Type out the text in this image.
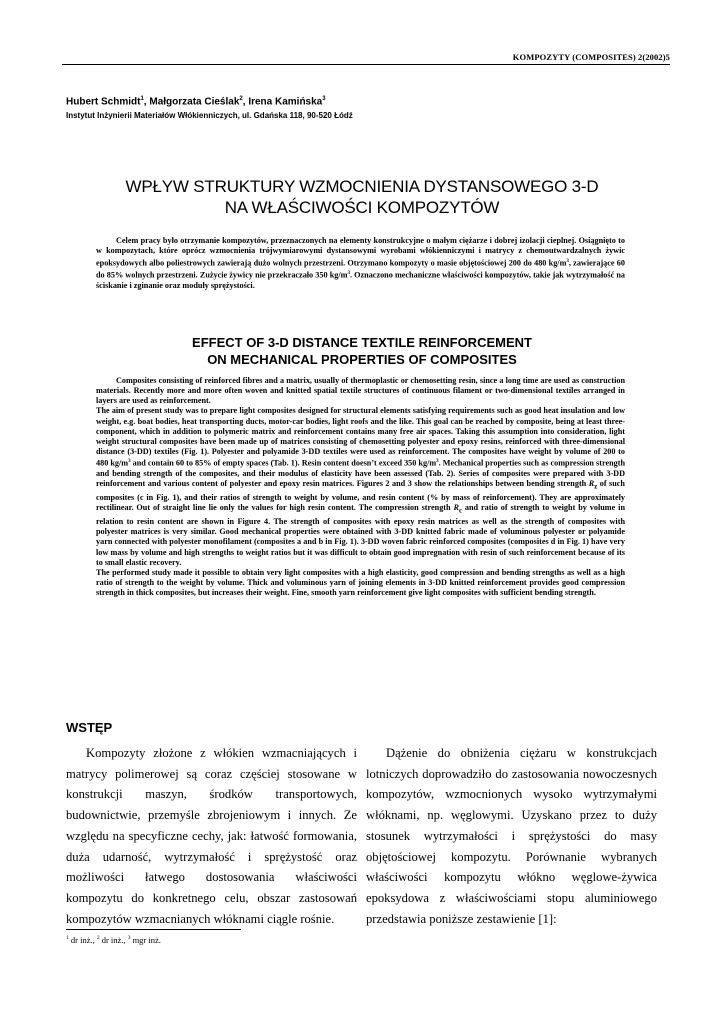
KOMPOZYTY (COMPOSITES) 2(2002)5
Hubert Schmidt$^1$, Małgorzata Cieślak$^2$, Irena Kamińska$^3$
Instytut Inżynierii Materiałów Włókienniczych, ul. Gdańska 118, 90-520 Łódź
WPŁYW STRUKTURY WZMOCNIENIA DYSTANSOWEGO 3-D
NA WŁAŚCIWOŚCI KOMPOZYTÓW

Celem pracy było otrzymanie kompozytów, przeznaczonych na elementy konstrukcyjne o małym ciężarze i dobrej izolacji cieplnej. Osiągnięto to w kompozytach, które oprócz wzmocnienia trójwymiarowymi dystansowymi wyrobami włókienniczymi i matrycy z chemoutwardzalnych żywic epoksydowych albo poliestrowych zawierają dużo wolnych przestrzeni. Otrzymano kompozyty o masie objętościowej 200 do 480 $kg/m^3$, zawierające 60 do 85% wolnych przestrzeni. Zużycie żywicy nie przekraczało 350 $kg/m^3$. Oznaczono mechaniczne właściwości kompozytów, takie jak wytrzymałość na ściskanie i zginanie oraz moduły sprężystości.

EFFECT OF 3-D DISTANCE TEXTILE REINFORCEMENT
ON MECHANICAL PROPERTIES OF COMPOSITES

Composites consisting of reinforced fibres and a matrix, usually of thermoplastic or chemosetting resin, since a long time are used as construction materials. Recently more and more often woven and knitted spatial textile structures of continuous filament or two-dimensional textiles arranged in layers are used as reinforcement.

The aim of present study was to prepare light composites designed for structural elements satisfying requirements such as good heat insulation and low weight, e.g. boat bodies, heat transporting ducts, motor-car bodies, light roofs and the like. This goal can be reached by composite, being at least three-component, which in addition to polymeric matrix and reinforcement contains many free air spaces. Taking this assumption into consideration, light weight structural composites have been made up of matrices consisting of chemosetting polyester and epoxy resins, reinforced with three-dimensional distance (3-DD) textiles (Fig. 1). Polyester and polyamide 3-DD textiles were used as reinforcement. The composites have weight by volume of 200 to 480 $kg/m^3$ and contain 60 to 85% of empty spaces (Tab. 1). Resin content doesn’t exceed 350 $kg/m^3$. Mechanical properties such as compression strength and bending strength of the composites, and their modulus of elasticity have been assessed (Tab. 2). Series of composites were prepared with 3-DD reinforcement and various content of polyester and epoxy resin matrices. Figures 2 and 3 show the relationships between bending strength $R_z$ of such composites (c in Fig. 1), and their ratios of strength to weight by volume, and resin content (% by mass of reinforcement). They are approximately rectilinear. Out of straight line lie only the values for high resin content. The compression strength $R_c$ and ratio of strength to weight by volume in relation to resin content are shown in Figure 4. The strength of composites with epoxy resin matrices as well as the strength of composites with polyester matrices is very similar. Good mechanical properties were obtained with 3-DD knitted fabric made of voluminous polyester or polyamide yarn connected with polyester monofilament (composites a and b in Fig. 1). 3-DD woven fabric reinforced composites (composites d in Fig. 1) have very low mass by volume and high strengths to weight ratios but it was difficult to obtain good impregnation with resin of such reinforcement because of its to small elastic recovery.

The performed study made it possible to obtain very light composites with a high elasticity, good compression and bending strengths as well as a high ratio of strength to the weight by volume. Thick and voluminous yarn of joining elements in 3-DD knitted reinforcement provides good compression strength in thick composites, but increases their weight. Fine, smooth yarn reinforcement give light composites with sufficient bending strength.

WSTĘP

Kompozyty złożone z włókien wzmacniających i matrycy polimerowej są coraz częściej stosowane w konstrukcji maszyn, środków transportowych, budownictwie, przemyśle zbrojeniowym i innych. Ze względu na specyficzne cechy, jak: łatwość formowania, duża udarność, wytrzymałość i sprężystość oraz możliwości łatwego dostosowania właściwości kompozytu do konkretnego celu, obszar zastosowań kompozytów wzmacnianych włóknami ciągle rośnie.

Dążenie do obniżenia ciężaru w konstrukcjach lotniczych doprowadziło do zastosowania nowoczesnych kompozytów, wzmocnionych wysoko wytrzymałymi włóknami, np. węglowymi. Uzyskano przez to duży stosunek wytrzymałości i sprężystości do masy objętościowej kompozytu. Porównanie wybranych właściwości kompozytu włókno węglowe-żywica epoksydowa z właściwościami stopu aluminiowego przedstawia poniższe zestawienie [1]:

$^1$ dr inż., $^2$ dr inż., $^3$ mgr inż.
